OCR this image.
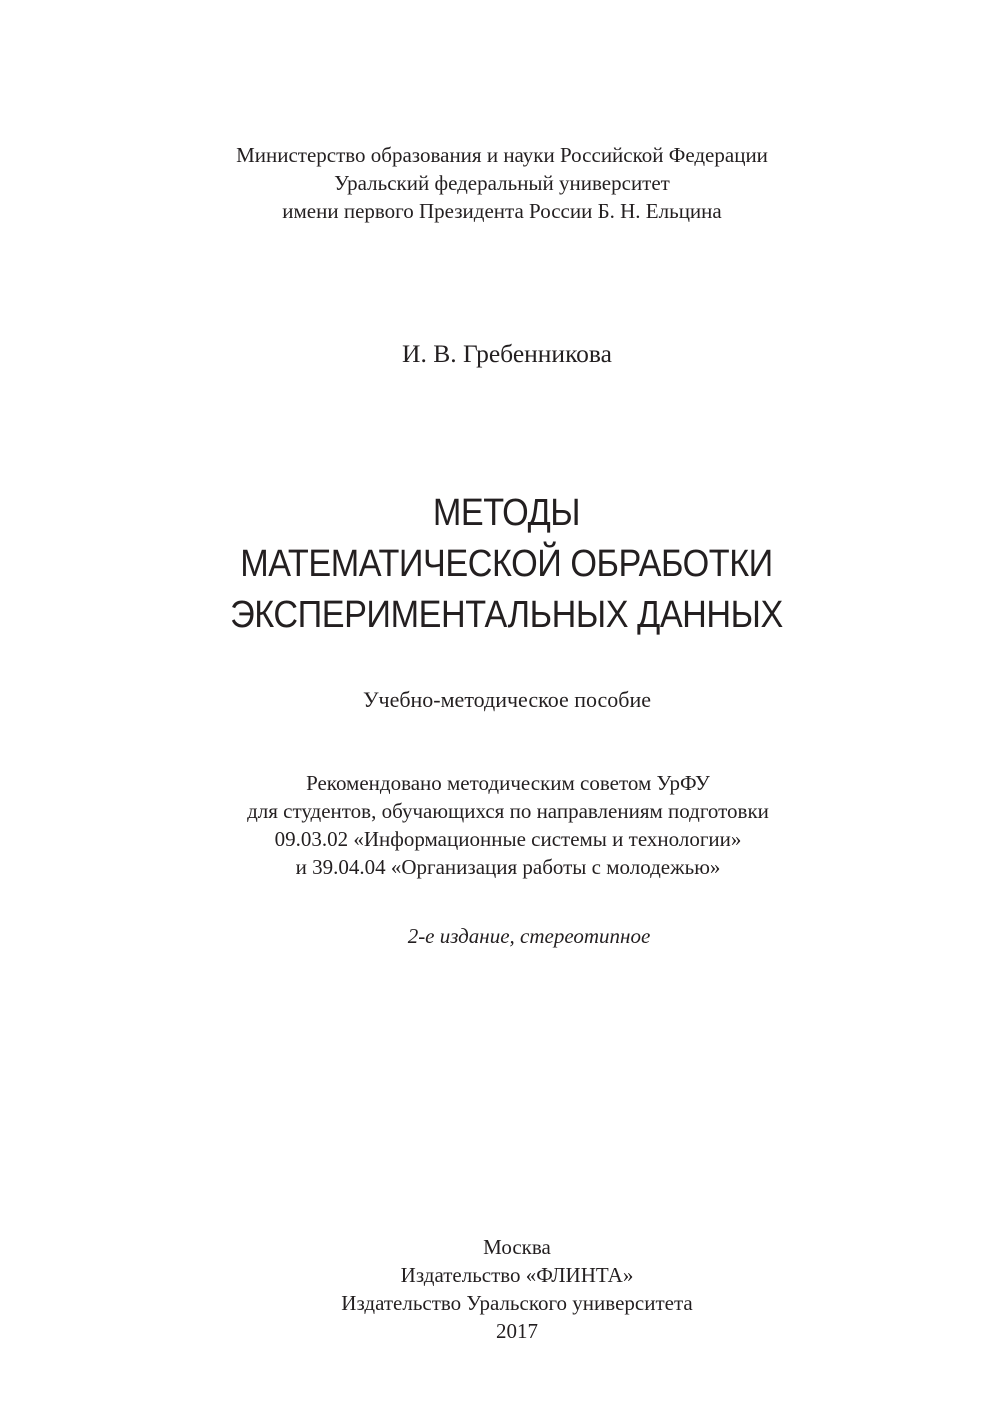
Министерство образования и науки Российской Федерации
Уральский федеральный университет
имени первого Президента России Б. Н. Ельцина
И. В. Гребенникова
МЕТОДЫ
МАТЕМАТИЧЕСКОЙ ОБРАБОТКИ
ЭКСПЕРИМЕНТАЛЬНЫХ ДАННЫХ
Учебно-методическое пособие
Рекомендовано методическим советом УрФУ
для студентов, обучающихся по направлениям подготовки
09.03.02 «Информационные системы и технологии»
и 39.04.04 «Организация работы с молодежью»
2-е издание, стереотипное
Москва
Издательство «ФЛИНТА»
Издательство Уральского университета
2017
